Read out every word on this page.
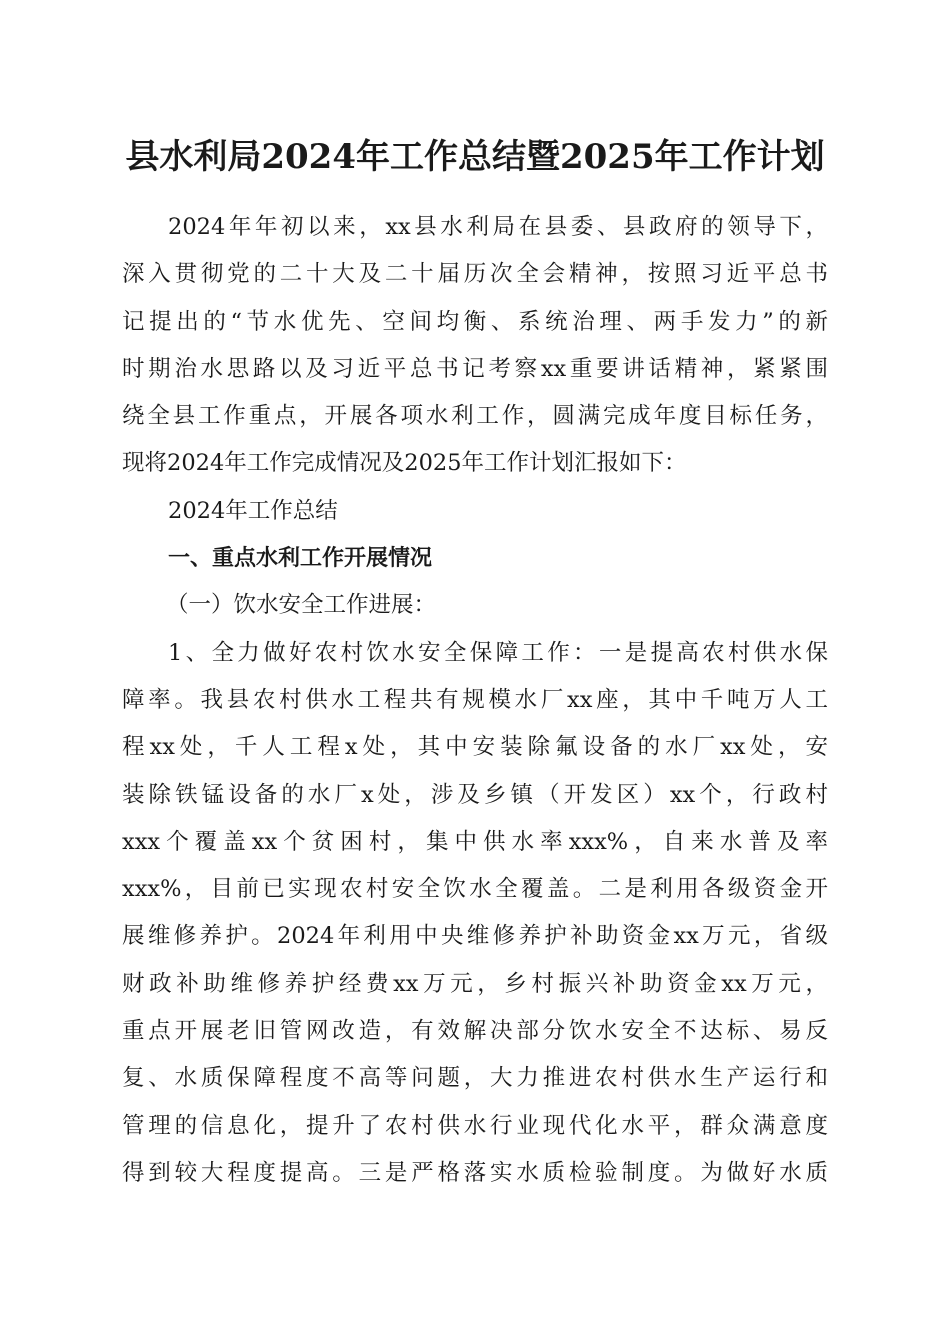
县水利局2024年工作总结暨2025年工作计划
2024年年初以来，xx县水利局在县委、县政府的领导下，
深入贯彻党的二十大及二十届历次全会精神，按照习近平总书
记提出的“节水优先、空间均衡、系统治理、两手发力”的新
时期治水思路以及习近平总书记考察xx重要讲话精神，紧紧围
绕全县工作重点，开展各项水利工作，圆满完成年度目标任务，
现将2024年工作完成情况及2025年工作计划汇报如下：
2024年工作总结
一、重点水利工作开展情况
（一）饮水安全工作进展：
1、全力做好农村饮水安全保障工作：一是提高农村供水保
障率。我县农村供水工程共有规模水厂xx座，其中千吨万人工
程xx处，千人工程x处，其中安装除氟设备的水厂xx处，安
装除铁锰设备的水厂x处，涉及乡镇（开发区）xx个，行政村
xxx个覆盖xx个贫困村，集中供水率xxx%，自来水普及率
xxx%，目前已实现农村安全饮水全覆盖。二是利用各级资金开
展维修养护。2024年利用中央维修养护补助资金xx万元，省级
财政补助维修养护经费xx万元，乡村振兴补助资金xx万元，
重点开展老旧管网改造，有效解决部分饮水安全不达标、易反
复、水质保障程度不高等问题，大力推进农村供水生产运行和
管理的信息化，提升了农村供水行业现代化水平，群众满意度
得到较大程度提高。三是严格落实水质检验制度。为做好水质
